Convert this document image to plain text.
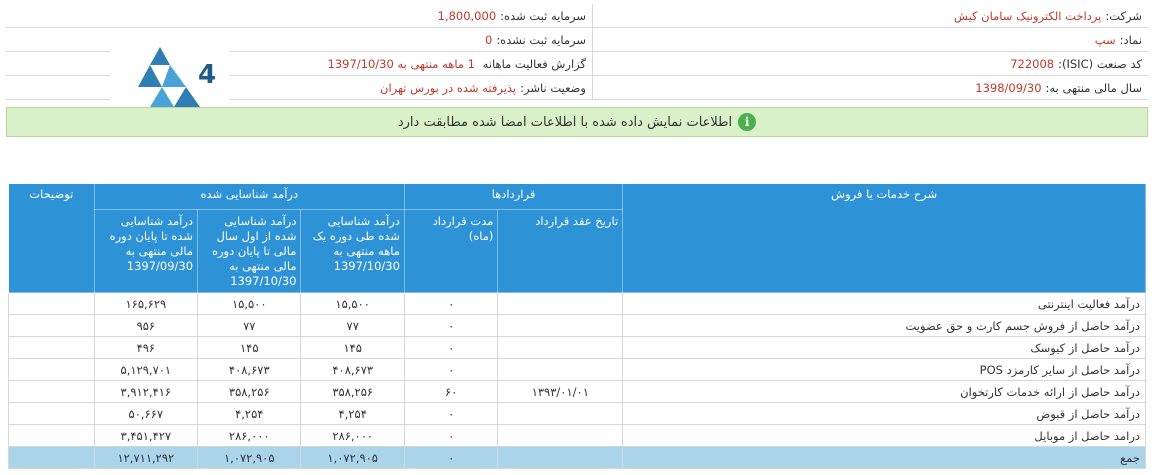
شرکت:
پرداخت الکترونیک سامان کیش
سرمایه ثبت شده:
1,800,000
نماد:
سپ
سرمایه ثبت نشده:
0
کد صنعت (ISIC):
722008
گزارش فعالیت ماهانه

1

ماهه منتهی به

1397/10/30
سال مالی منتهی به:
1398/09/30
وضعیت ناشر:
پذیرفته شده در بورس تهران
4
i
اطلاعات نمایش داده شده با اطلاعات امضا شده مطابقت دارد
شرح خدمات یا فروش	قراردادها		درآمد شناسایی شده			توضیحات
	تاریخ عقد قرارداد	مدت قرارداد (ماه)	درآمد شناسایی شده طی دوره یک ماهه منتهی به 1397/10/30	درآمد شناسایی شده از اول سال مالی تا پایان دوره مالی منتهی به 1397/10/30	درآمد شناسایی شده تا پایان دوره مالی منتهی به 1397/09/30	
درآمد فعالیت اینترنتی		۰	۱۵,۵۰۰	۱۵,۵۰۰	۱۶۵,۶۲۹	
درآمد حاصل از فروش جسم کارت و حق عضویت		۰	۷۷	۷۷	۹۵۶	
درآمد حاصل از کیوسک		۰	۱۴۵	۱۴۵	۴۹۶	
درآمد حاصل از سایر کارمزد POS		۰	۴۰۸,۶۷۳	۴۰۸,۶۷۳	۵,۱۲۹,۷۰۱	
درآمد حاصل از ارائه خدمات کارتخوان	۱۳۹۳/۰۱/۰۱	۶۰	۳۵۸,۲۵۶	۳۵۸,۲۵۶	۳,۹۱۲,۴۱۶	
درآمد حاصل از قبوض		۰	۴,۲۵۴	۴,۲۵۴	۵۰,۶۶۷	
درامد حاصل از موبایل		۰	۲۸۶,۰۰۰	۲۸۶,۰۰۰	۳,۴۵۱,۴۲۷	
جمع		۰	۱,۰۷۲,۹۰۵	۱,۰۷۲,۹۰۵	۱۲,۷۱۱,۲۹۲	
